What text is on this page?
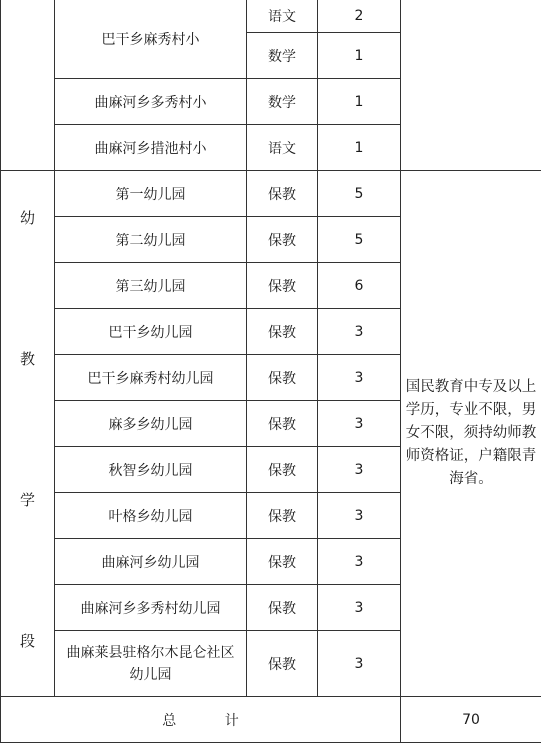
	巴干乡麻秀村小	语文	2	
		数学	1	
	曲麻河乡多秀村小	数学	1	
	曲麻河乡措池村小	语文	1	

幼
教
学
段	第一幼儿园	保教	5	国民教育中专及以上学历，专业不限，男女不限，须持幼师教师资格证，户籍限青海省。
	第二幼儿园	保教	5	
	第三幼儿园	保教	6	
	巴干乡幼儿园	保教	3	
	巴干乡麻秀村幼儿园	保教	3	
	麻多乡幼儿园	保教	3	
	秋智乡幼儿园	保教	3	
	叶格乡幼儿园	保教	3	
	曲麻河乡幼儿园	保教	3	
	曲麻河乡多秀村幼儿园	保教	3	
	曲麻莱县驻格尔木昆仑社区幼儿园	保教	3	
总 计				70
